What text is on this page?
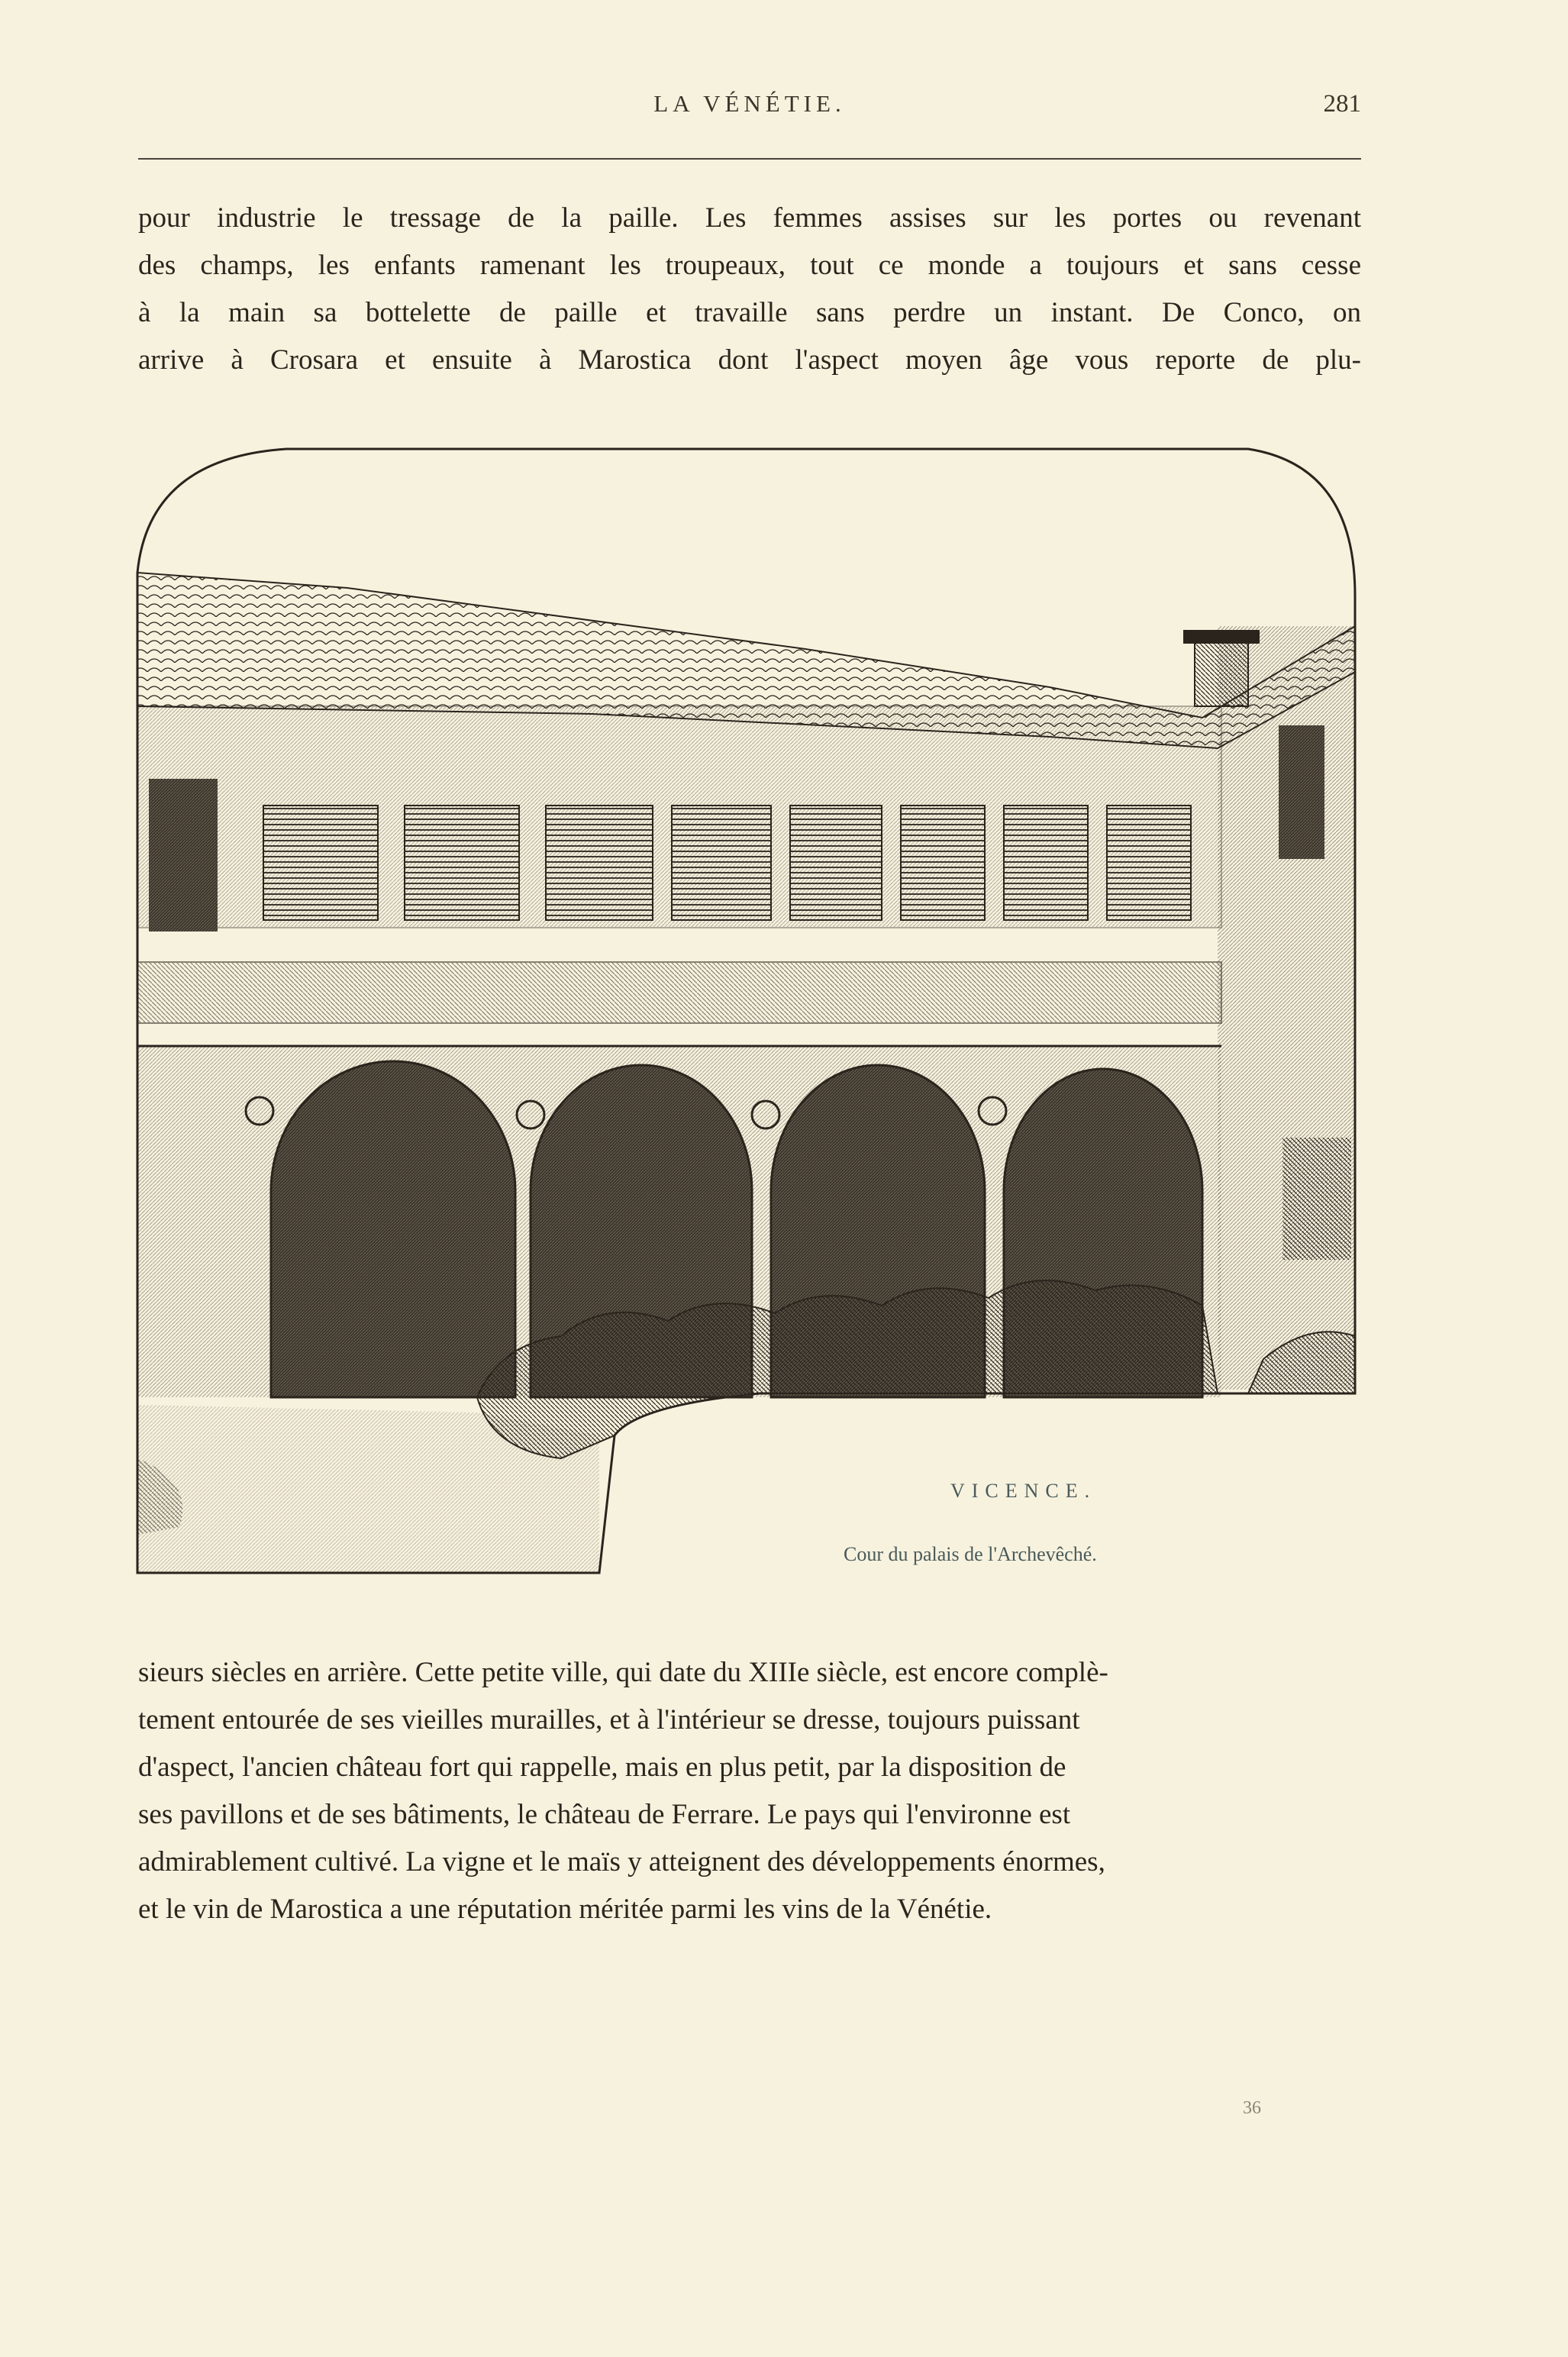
LA VÉNÉTIE.	281

pour industrie le tressage de la paille. Les femmes assises sur les portes ou revenant

des champs, les enfants ramenant les troupeaux, tout ce monde a toujours et sans cesse

à la main sa bottelette de paille et travaille sans perdre un instant. De Conco, on

arrive à Crosara et ensuite à Marostica dont l'aspect moyen âge vous reporte de plu-

VICENCE.
Cour du palais de l'Archevêché.

sieurs siècles en arrière. Cette petite ville, qui date du XIIIe siècle, est encore complè-

tement entourée de ses vieilles murailles, et à l'intérieur se dresse, toujours puissant

d'aspect, l'ancien château fort qui rappelle, mais en plus petit, par la disposition de

ses pavillons et de ses bâtiments, le château de Ferrare. Le pays qui l'environne est

admirablement cultivé. La vigne et le maïs y atteignent des développements énormes,

et le vin de Marostica a une réputation méritée parmi les vins de la Vénétie.

36
